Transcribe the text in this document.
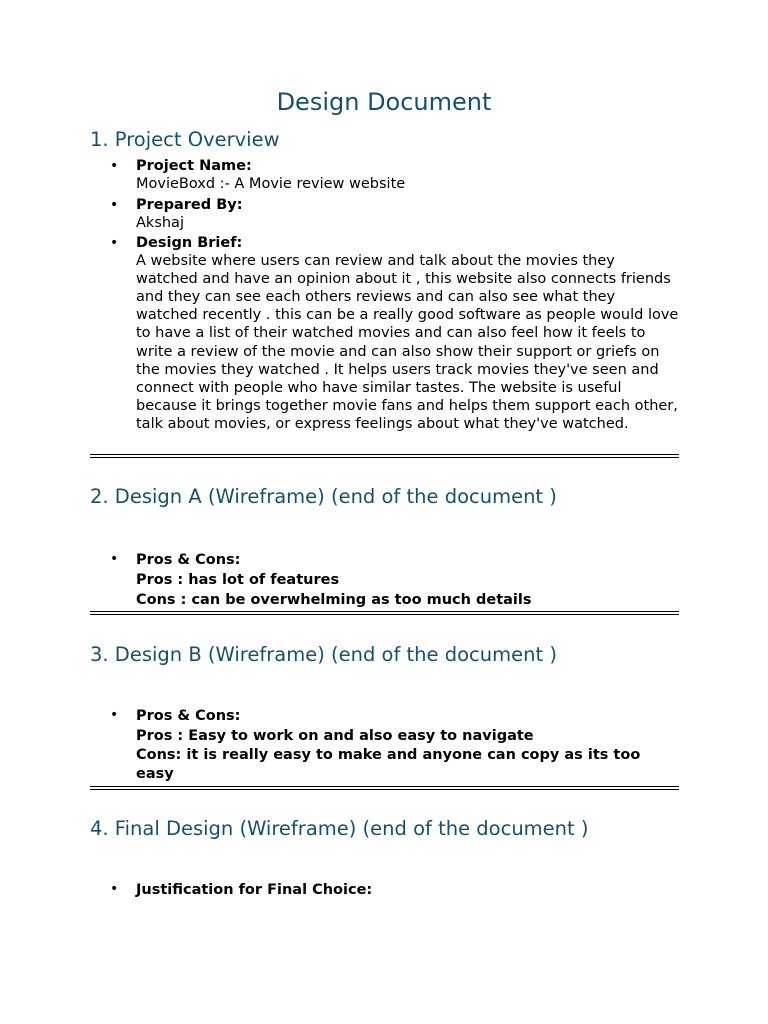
Design Document
1. Project Overview
• Project Name:
MovieBoxd :- A Movie review website
• Prepared By:
Akshaj
• Design Brief:
A website where users can review and talk about the movies they watched and have an opinion about it , this website also connects friends and they can see each others reviews and can also see what they watched recently . this can be a really good software as people would love to have a list of their watched movies and can also feel how it feels to write a review of the movie and can also show their support or griefs on the movies they watched . It helps users track movies they've seen and connect with people who have similar tastes. The website is useful because it brings together movie fans and helps them support each other, talk about movies, or express feelings about what they've watched.
2. Design A (Wireframe) (end of the document )
• Pros & Cons:
Pros : has lot of features
Cons : can be overwhelming as too much details
3. Design B (Wireframe) (end of the document )
• Pros & Cons:
Pros : Easy to work on and also easy to navigate
Cons: it is really easy to make and anyone can copy as its too easy
4. Final Design (Wireframe) (end of the document )
• Justification for Final Choice:
